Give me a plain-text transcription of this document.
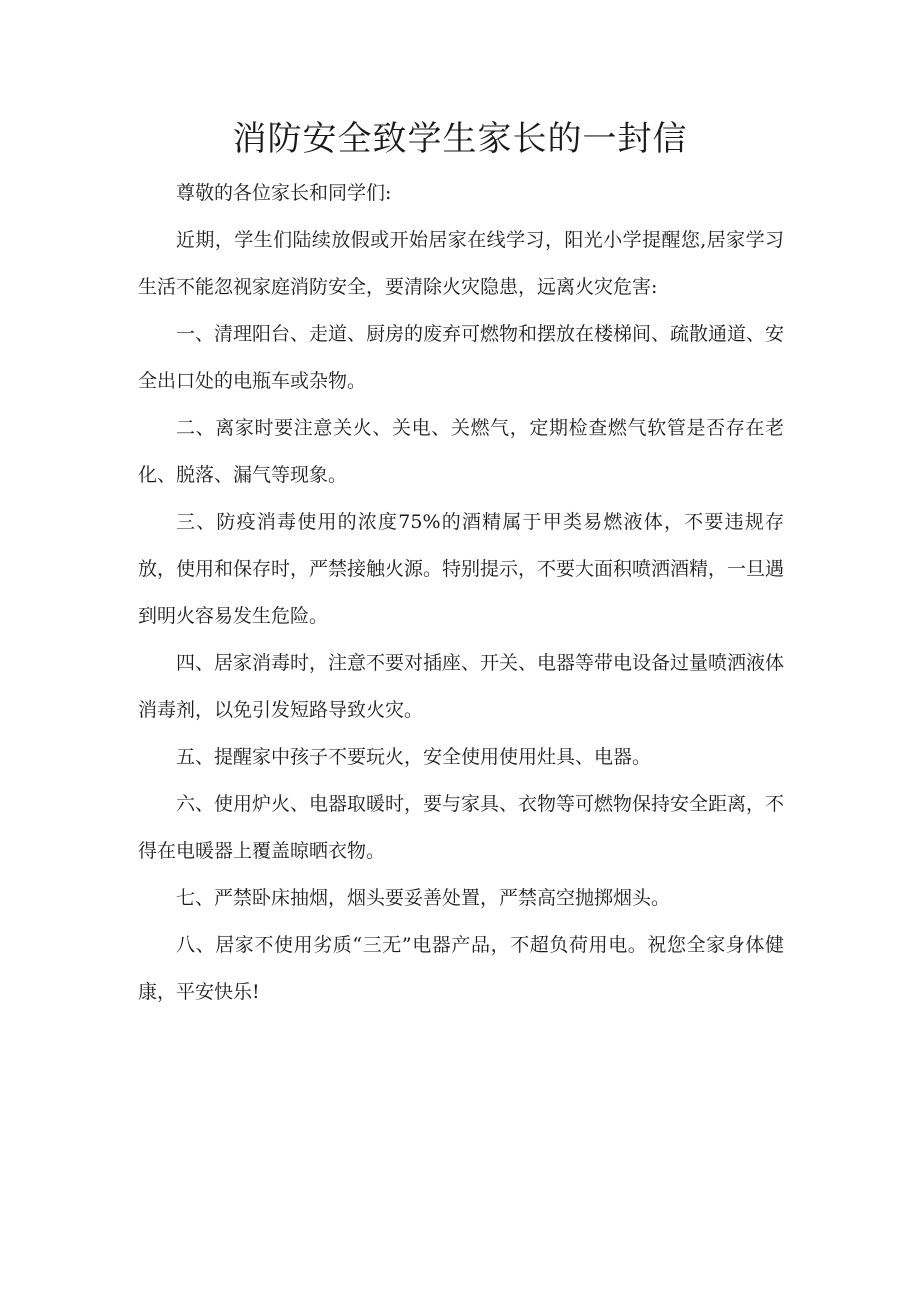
消防安全致学生家长的一封信

尊敬的各位家长和同学们:

近期，学生们陆续放假或开始居家在线学习，阳光小学提醒您,居家学习生活不能忽视家庭消防安全，要清除火灾隐患，远离火灾危害:

一、清理阳台、走道、厨房的废弃可燃物和摆放在楼梯间、疏散通道、安全出口处的电瓶车或杂物。

二、离家时要注意关火、关电、关燃气，定期检查燃气软管是否存在老化、脱落、漏气等现象。

三、防疫消毒使用的浓度75%的酒精属于甲类易燃液体，不要违规存放，使用和保存时，严禁接触火源。特别提示，不要大面积喷洒酒精，一旦遇到明火容易发生危险。

四、居家消毒时，注意不要对插座、开关、电器等带电设备过量喷洒液体消毒剂，以免引发短路导致火灾。

五、提醒家中孩子不要玩火，安全使用使用灶具、电器。

六、使用炉火、电器取暖时，要与家具、衣物等可燃物保持安全距离，不得在电暖器上覆盖晾晒衣物。

七、严禁卧床抽烟，烟头要妥善处置，严禁高空抛掷烟头。

八、居家不使用劣质“三无”电器产品，不超负荷用电。祝您全家身体健康，平安快乐!
